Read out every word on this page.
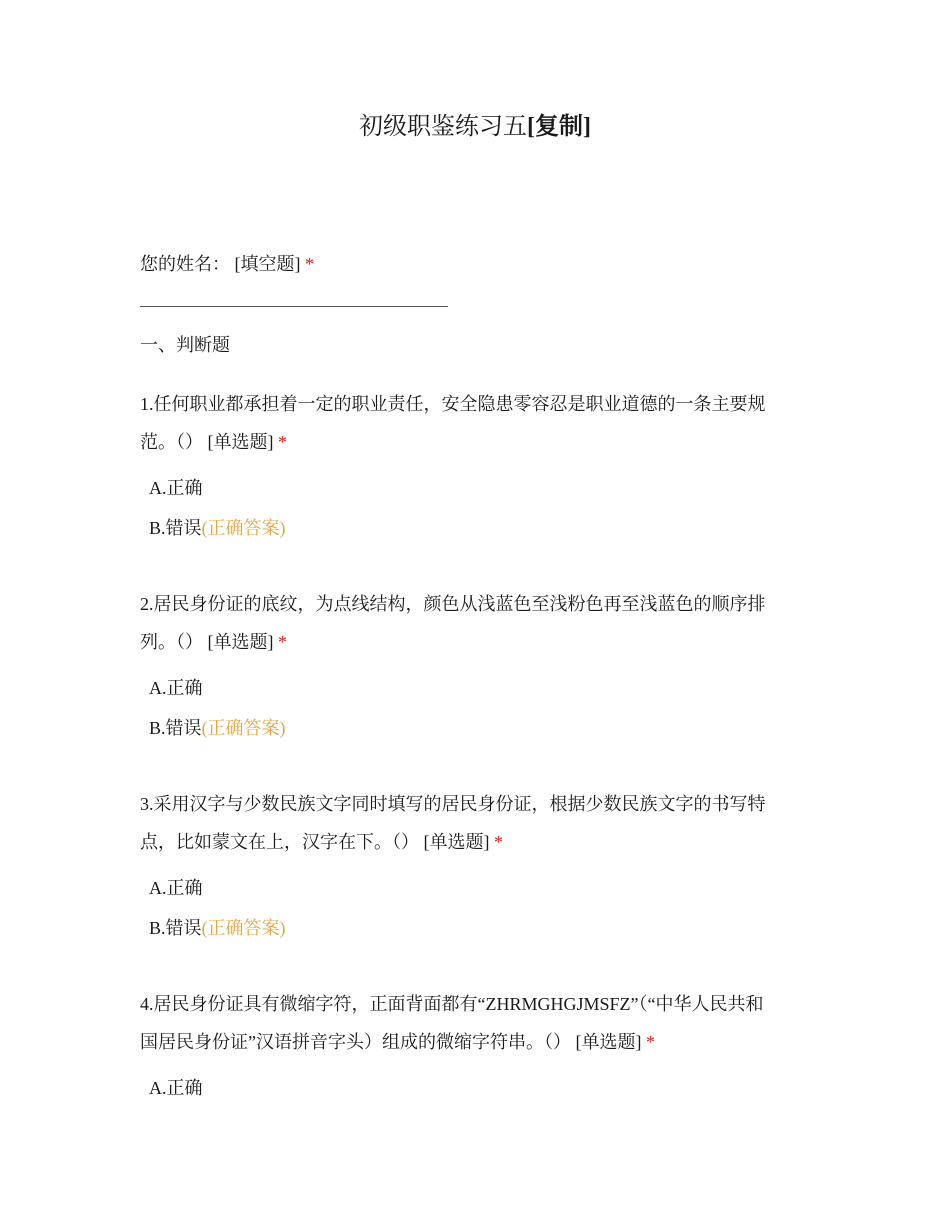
初级职鉴练习五[复制]
您的姓名： [填空题] *
一、判断题
1.任何职业都承担着一定的职业责任，安全隐患零容忍是职业道德的一条主要规
范。（） [单选题] *
A.正确
B.错误(正确答案)
2.居民身份证的底纹，为点线结构，颜色从浅蓝色至浅粉色再至浅蓝色的顺序排
列。（） [单选题] *
A.正确
B.错误(正确答案)
3.采用汉字与少数民族文字同时填写的居民身份证，根据少数民族文字的书写特
点，比如蒙文在上，汉字在下。（） [单选题] *
A.正确
B.错误(正确答案)
4.居民身份证具有微缩字符，正面背面都有“ZHRMGHGJMSFZ”（“中华人民共和
国居民身份证”汉语拼音字头）组成的微缩字符串。（） [单选题] *
A.正确
